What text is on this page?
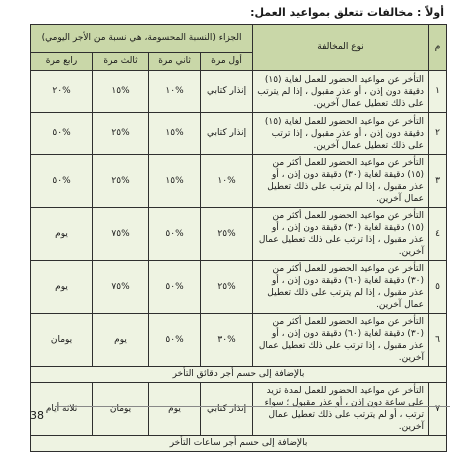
أولاً : مخالفات تتعلق بمواعيد العمل:
م	نوع المخالفة	الجزاء (النسبة المحسومة، هي نسبة من الأجر اليومي)			
		أول مرة	ثاني مرة	ثالث مرة	رابع مرة
١	التأخر عن مواعيد الحضور للعمل لغاية (١٥) دقيقة دون إذن ، أو عذر مقبول ، إذا لم يترتب على ذلك تعطيل عمال آخرين.	إنذار كتابي	%١٠	%١٥	%٢٠
٢	التأخر عن مواعيد الحضور للعمل لغاية (١٥) دقيقة دون إذن ، أو عذر مقبول ، إذا ترتب على ذلك تعطيل عمال آخرين.	إنذار كتابي	%١٥	%٢٥	%٥٠
٣	التأخر عن مواعيد الحضور للعمل أكثر من (١٥) دقيقة لغاية (٣٠) دقيقة دون إذن ، أو عذر مقبول ، إذا لم يترتب على ذلك تعطيل عمال آخرين.	%١٠	%١٥	%٢٥	%٥٠
٤	التأخر عن مواعيد الحضور للعمل أكثر من (١٥) دقيقة لغاية (٣٠) دقيقة دون إذن ، أو عذر مقبول ، إذا ترتب على ذلك تعطيل عمال آخرين.	%٢٥	%٥٠	%٧٥	يوم
٥	التأخر عن مواعيد الحضور للعمل أكثر من (٣٠) دقيقة لغاية (٦٠) دقيقة دون إذن ، أو عذر مقبول ، إذا لم يترتب على ذلك تعطيل عمال آخرين.	%٢٥	%٥٠	%٧٥	يوم
٦	التأخر عن مواعيد الحضور للعمل أكثر من (٣٠) دقيقة لغاية (٦٠) دقيقة دون إذن ، أو عذر مقبول ، إذا ترتب على ذلك تعطيل عمال آخرين.	%٣٠	%٥٠	يوم	يومان
بالإضافة إلى حسم أجر دقائق التأخر					
٧	التأخر عن مواعيد الحضور للعمل لمدة تزيد على ساعة دون إذن ، أو عذر مقبول ؛ سواء ترتب ، أو لم يترتب على ذلك تعطيل عمال آخرين.	إنذار كتابي	يوم	يومان	ثلاثة أيام
بالإضافة إلى حسم أجر ساعات التأخر					
38
